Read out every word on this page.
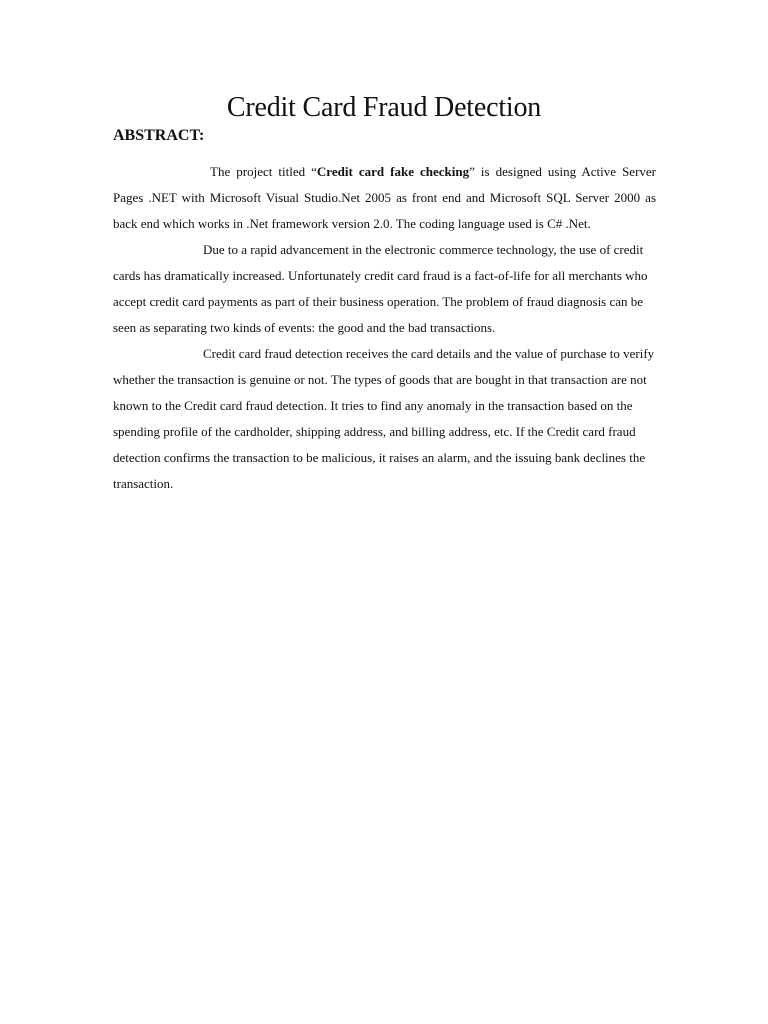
Credit Card Fraud Detection
ABSTRACT:

The project titled “Credit card fake checking” is designed using Active Server Pages .NET with Microsoft Visual Studio.Net 2005 as front end and Microsoft SQL Server 2000 as back end which works in .Net framework version 2.0. The coding language used is C# .Net.

Due to a rapid advancement in the electronic commerce technology, the use of credit cards has dramatically increased. Unfortunately credit card fraud is a fact-of-life for all merchants who accept credit card payments as part of their business operation. The problem of fraud diagnosis can be seen as separating two kinds of events: the good and the bad transactions.

Credit card fraud detection receives the card details and the value of purchase to verify whether the transaction is genuine or not. The types of goods that are bought in that transaction are not known to the Credit card fraud detection. It tries to find any anomaly in the transaction based on the spending profile of the cardholder, shipping address, and billing address, etc. If the Credit card fraud detection confirms the transaction to be malicious, it raises an alarm, and the issuing bank declines the transaction.
